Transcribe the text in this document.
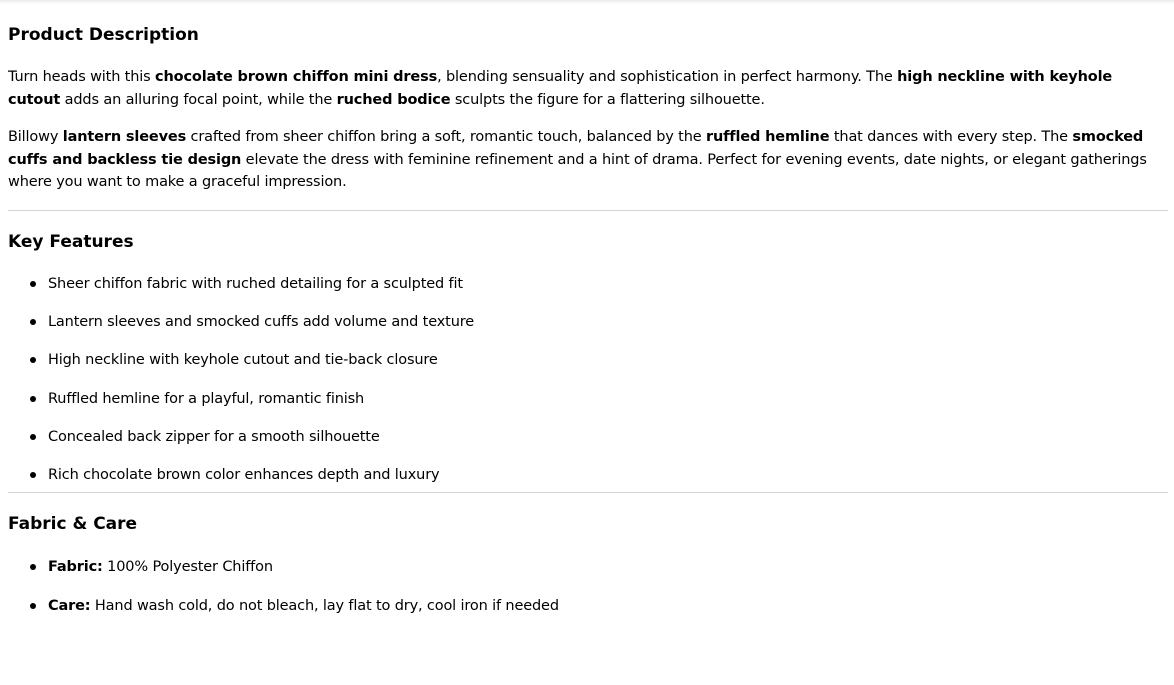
Product Description

Turn heads with this chocolate brown chiffon mini dress, blending sensuality and sophistication in perfect harmony. The high neckline with keyhole cutout adds an alluring focal point, while the ruched bodice sculpts the figure for a flattering silhouette.

Billowy lantern sleeves crafted from sheer chiffon bring a soft, romantic touch, balanced by the ruffled hemline that dances with every step. The smocked cuffs and backless tie design elevate the dress with feminine refinement and a hint of drama. Perfect for evening events, date nights, or elegant gatherings where you want to make a graceful impression.

Key Features
Sheer chiffon fabric with ruched detailing for a sculpted fit
Lantern sleeves and smocked cuffs add volume and texture
High neckline with keyhole cutout and tie-back closure
Ruffled hemline for a playful, romantic finish
Concealed back zipper for a smooth silhouette
Rich chocolate brown color enhances depth and luxury
Fabric & Care
Fabric: 100% Polyester Chiffon
Care: Hand wash cold, do not bleach, lay flat to dry, cool iron if needed
